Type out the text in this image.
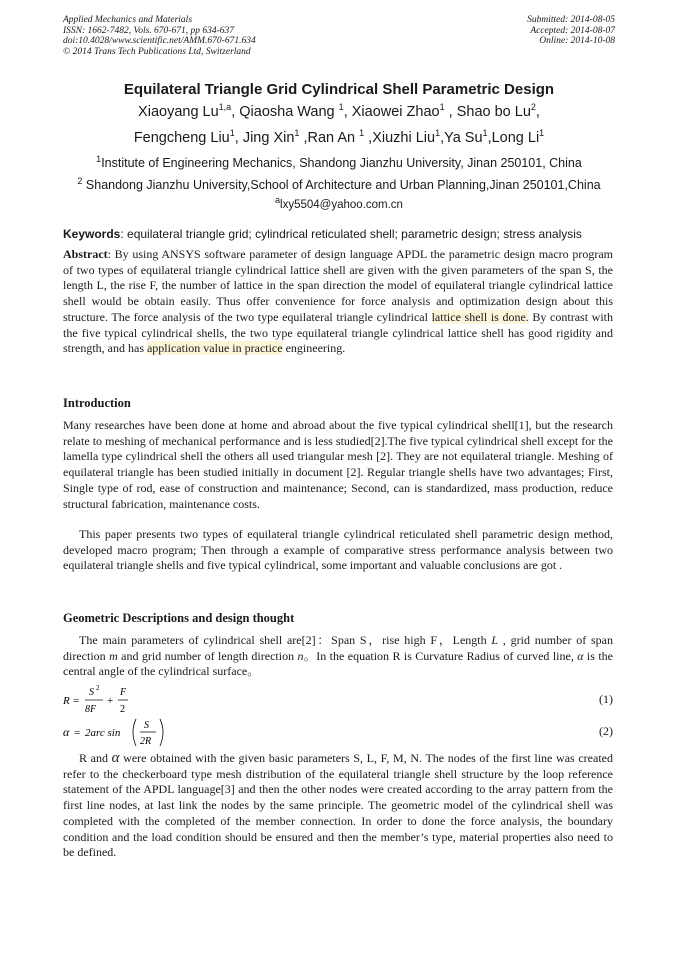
Applied Mechanics and Materials
ISSN: 1662-7482, Vols. 670-671, pp 634-637
doi:10.4028/www.scientific.net/AMM.670-671.634
© 2014 Trans Tech Publications Ltd, Switzerland
Submitted: 2014-08-05
Accepted: 2014-08-07
Online: 2014-10-08
Equilateral Triangle Grid Cylindrical Shell Parametric Design
Xiaoyang Lu$^{1,a}$, Qiaosha Wang $^1$, Xiaowei Zhao$^1$ , Shao bo Lu$^2$,
Fengcheng Liu$^1$, Jing Xin$^1$ ,Ran An $^1$ ,Xiuzhi Liu$^1$,Ya Su$^1$,Long Li$^1$
$^1$Institute of Engineering Mechanics, Shandong Jianzhu University, Jinan 250101, China
$^2$ Shandong Jianzhu University,School of Architecture and Urban Planning,Jinan 250101,China
$^a$lxy5504@yahoo.com.cn
Keywords: equilateral triangle grid; cylindrical reticulated shell; parametric design; stress analysis
Abstract: By using ANSYS software parameter of design language APDL the parametric design macro program of two types of equilateral triangle cylindrical lattice shell are given with the given parameters of the span S, the length L, the rise F, the number of lattice in the span direction the model of equilateral triangle cylindrical lattice shell would be obtain easily. Thus offer convenience for force analysis and optimization design about this structure. The force analysis of the two type equilateral triangle cylindrical lattice shell is done. By contrast with the five typical cylindrical shells, the two type equilateral triangle cylindrical lattice shell has good rigidity and strength, and has application value in practice engineering.
Introduction
Many researches have been done at home and abroad about the five typical cylindrical shell[1], but the research relate to meshing of mechanical performance and is less studied[2].The five typical cylindrical shell except for the lamella type cylindrical shell the others all used triangular mesh [2]. They are not equilateral triangle. Meshing of equilateral triangle has been studied initially in document [2]. Regular triangle shells have two advantages; First, Single type of rod, ease of construction and maintenance; Second, can is standardized, mass production, reduce structural fabrication, maintenance costs.
This paper presents two types of equilateral triangle cylindrical reticulated shell parametric design method, developed macro program; Then through a example of comparative stress performance analysis between two equilateral triangle shells and five typical cylindrical, some important and valuable conclusions are got .
Geometric Descriptions and design thought
The main parameters of cylindrical shell are[2]：Span S，rise high F，Length L , grid number of span direction m and grid number of length direction n。In the equation R is Curvature Radius of curved line, α is the central angle of the cylindrical surface。
R =
S 2
8F
+
F
2
(1)
α = 2arc sin
S
2R
(2)
R and α were obtained with the given basic parameters S, L, F, M, N. The nodes of the first line was created refer to the checkerboard type mesh distribution of the equilateral triangle shell structure by the loop reference statement of the APDL language[3] and then the other nodes were created according to the array pattern from the first line nodes, at last link the nodes by the same principle. The geometric model of the cylindrical shell was completed with the completed of the member connection. In order to done the force analysis, the boundary condition and the load condition should be ensured and then the member’s type, material properties also need to be defined.
